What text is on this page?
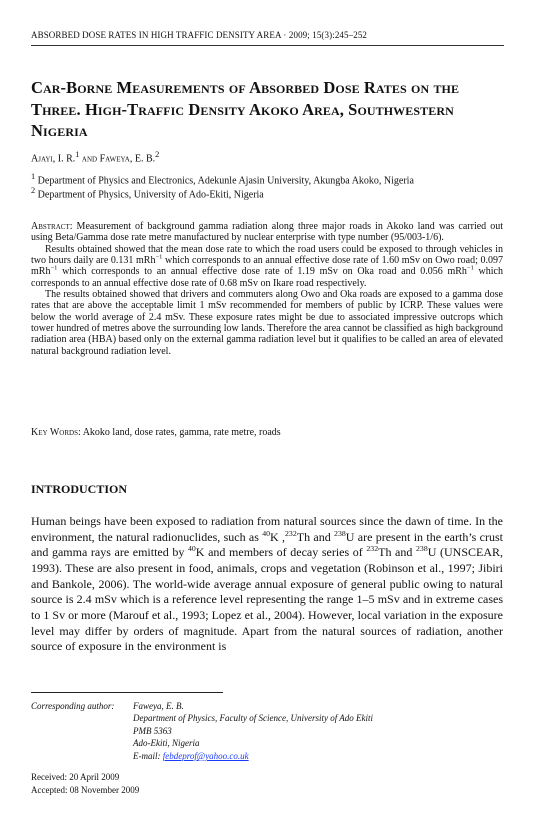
ABSORBED DOSE RATES IN HIGH TRAFFIC DENSITY AREA · 2009; 15(3):245–252
Car-Borne Measurements of Absorbed Dose Rates on the Three. High-Traffic Density Akoko Area, Southwestern Nigeria
Ajayi, I. R.$^1$ and Faweya, E. B.$^2$
$^1$ Department of Physics and Electronics, Adekunle Ajasin University, Akungba Akoko, Nigeria
$^2$ Department of Physics, University of Ado-Ekiti, Nigeria

Abstract: Measurement of background gamma radiation along three major roads in Akoko land was carried out using Beta/Gamma dose rate metre manufactured by nuclear enterprise with type number (95/003-1/6).

Results obtained showed that the mean dose rate to which the road users could be exposed to through vehicles in two hours daily are 0.131 mRh$^{-1}$ which corresponds to an annual effective dose rate of 1.60 mSv on Owo road; 0.097 mRh$^{-1}$ which corresponds to an annual effective dose rate of 1.19 mSv on Oka road and 0.056 mRh$^{-1}$ which corresponds to an annual effective dose rate of 0.68 mSv on Ikare road respectively.

The results obtained showed that drivers and commuters along Owo and Oka roads are exposed to a gamma dose rates that are above the acceptable limit 1 mSv recommended for members of public by ICRP. These values were below the world average of 2.4 mSv. These exposure rates might be due to associated impressive outcrops which tower hundred of metres above the surrounding low lands. Therefore the area cannot be classified as high background radiation area (HBA) based only on the external gamma radiation level but it qualifies to be called an area of elevated natural background radiation level.

Key Words: Akoko land, dose rates, gamma, rate metre, roads
INTRODUCTION

Human beings have been exposed to radiation from natural sources since the dawn of time. In the environment, the natural radionuclides, such as $^{40}$K ,$^{232}$Th and $^{238}$U are present in the earth’s crust and gamma rays are emitted by $^{40}$K and members of decay series of $^{232}$Th and $^{238}$U (UNSCEAR, 1993). These are also present in food, animals, crops and vegetation (Robinson et al., 1997; Jibiri and Bankole, 2006). The world-wide average annual exposure of general public owing to natural source is 2.4 mSv which is a reference level representing the range 1–5 mSv and in extreme cases to 1 Sv or more (Marouf et al., 1993; Lopez et al., 2004). However, local variation in the exposure level may differ by orders of magnitude. Apart from the natural sources of radiation, another source of exposure in the environment is

Corresponding author: Faweya, E. B.
Department of Physics, Faculty of Science, University of Ado Ekiti
PMB 5363
Ado-Ekiti, Nigeria
E-mail: febdeprof@yahoo.co.uk
Received: 20 April 2009
Accepted: 08 November 2009
